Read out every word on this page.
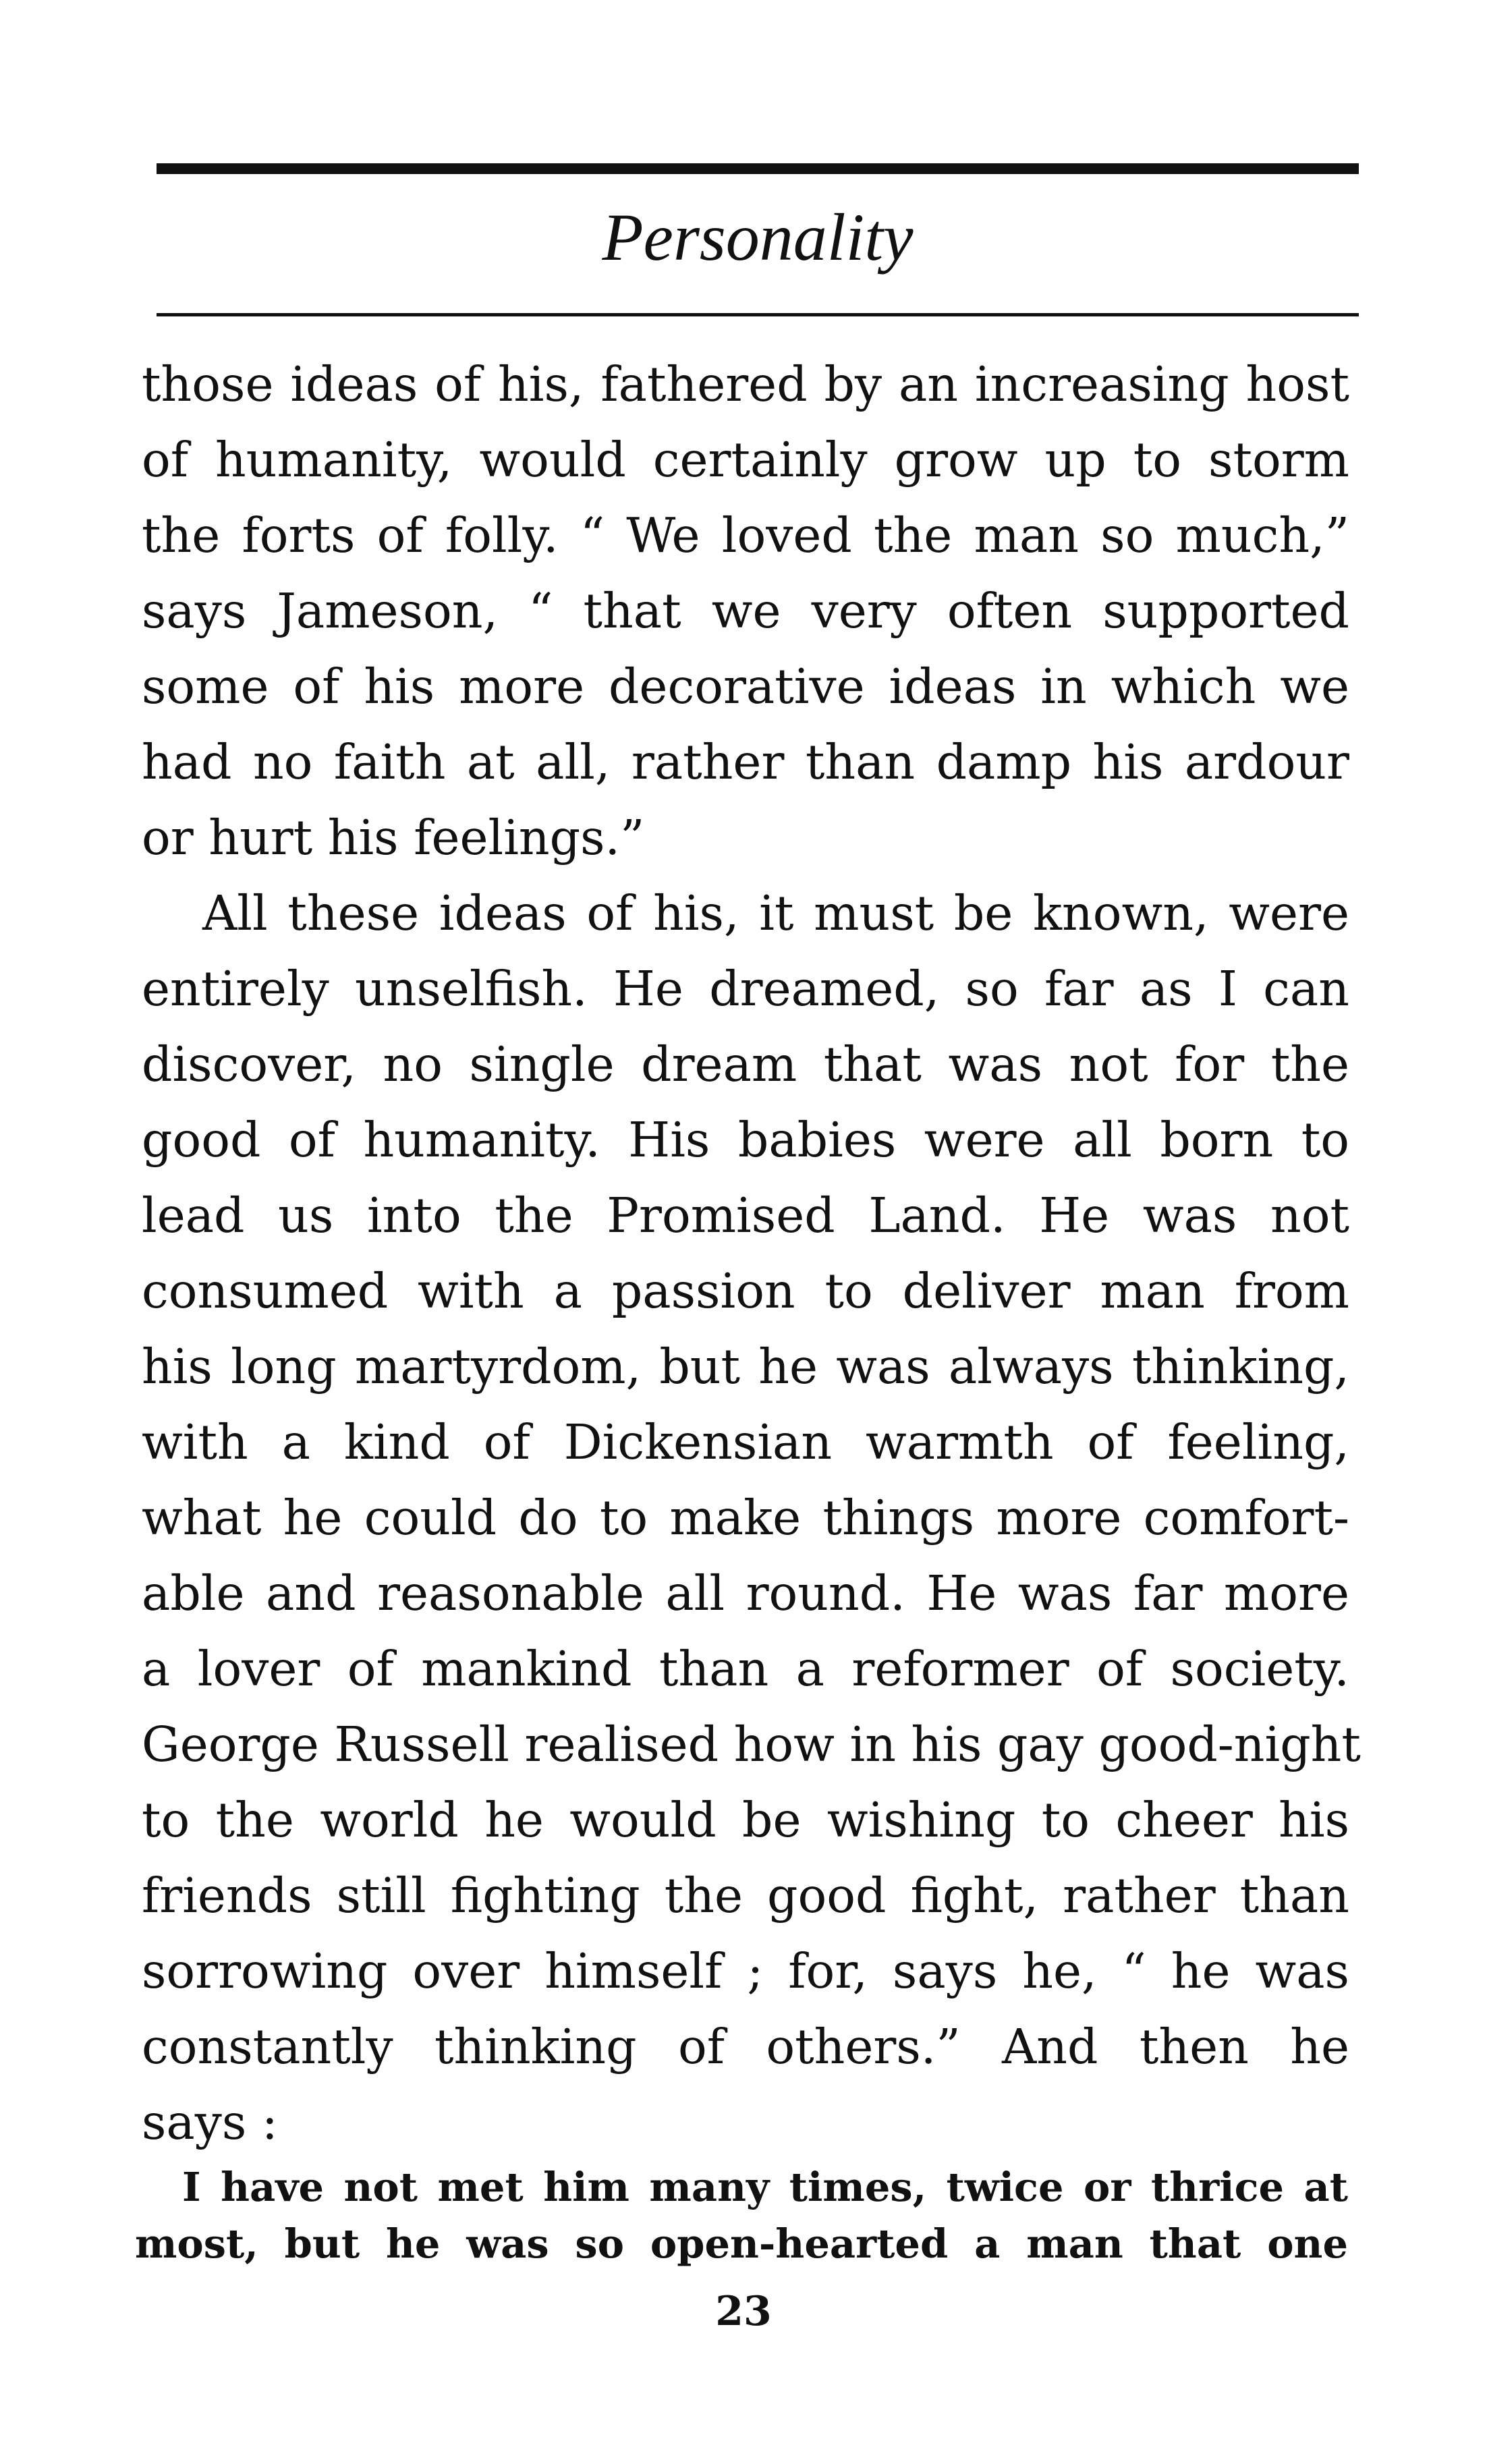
Personality
those ideas of his, fathered by an increasing host
of humanity, would certainly grow up to storm
the forts of folly. “ We loved the man so much,”
says Jameson, “ that we very often supported
some of his more decorative ideas in which we
had no faith at all, rather than damp his ardour
or hurt his feelings.”
All these ideas of his, it must be known, were
entirely unselfish. He dreamed, so far as I can
discover, no single dream that was not for the
good of humanity. His babies were all born to
lead us into the Promised Land. He was not
consumed with a passion to deliver man from
his long martyrdom, but he was always thinking,
with a kind of Dickensian warmth of feeling,
what he could do to make things more comfort-
able and reasonable all round. He was far more
a lover of mankind than a reformer of society.
George Russell realised how in his gay good-night
to the world he would be wishing to cheer his
friends still fighting the good fight, rather than
sorrowing over himself ; for, says he, “ he was
constantly thinking of others.” And then he
says :
I have not met him many times, twice or thrice at
most, but he was so open-hearted a man that one
23
